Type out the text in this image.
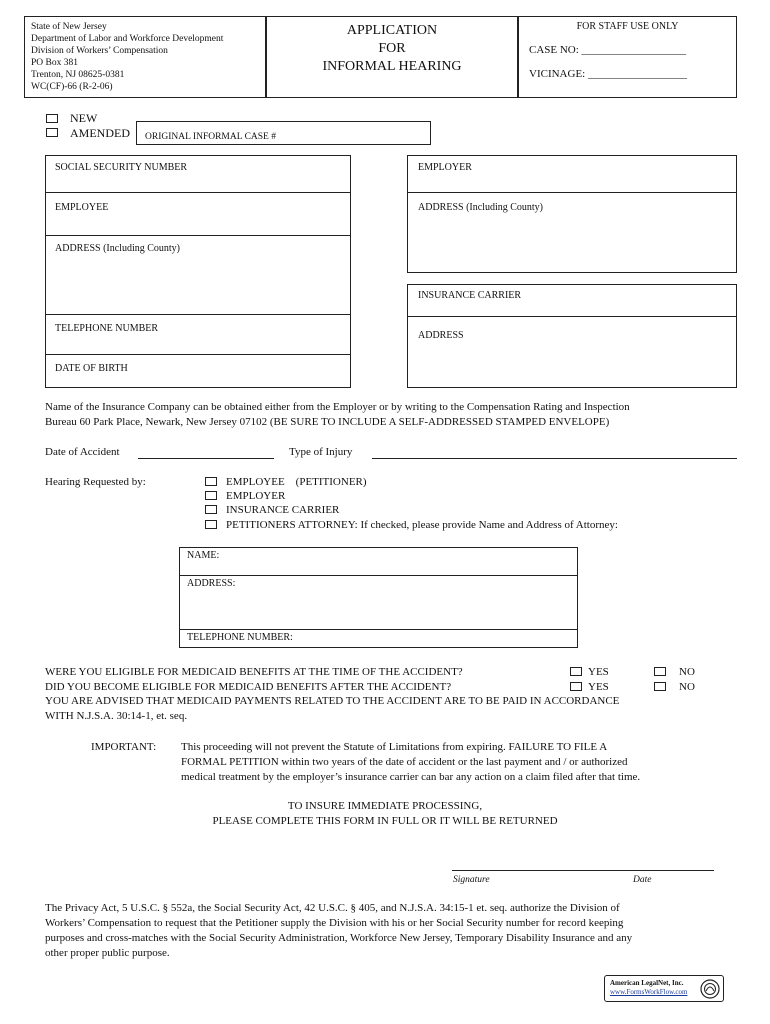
State of New Jersey
Department of Labor and Workforce Development
Division of Workers’ Compensation
PO Box 381
Trenton, NJ 08625-0381
WC(CF)-66 (R-2-06)
APPLICATION
FOR
INFORMAL HEARING
FOR STAFF USE ONLY
CASE NO: ___________________
VICINAGE: __________________
NEW
AMENDED	ORIGINAL INFORMAL CASE #
SOCIAL SECURITY NUMBER
EMPLOYEE
ADDRESS (Including County)
TELEPHONE NUMBER
DATE OF BIRTH
EMPLOYER
ADDRESS (Including County)
INSURANCE CARRIER
ADDRESS
Name of the Insurance Company can be obtained either from the Employer or by writing to the Compensation Rating and Inspection
Bureau 60 Park Place, Newark, New Jersey 07102 (BE SURE TO INCLUDE A SELF-ADDRESSED STAMPED ENVELOPE)
Date of Accident	Type of Injury
Hearing Requested by:	EMPLOYEE    (PETITIONER)
EMPLOYER
INSURANCE CARRIER
PETITIONERS ATTORNEY: If checked, please provide Name and Address of Attorney:
NAME:
ADDRESS:
TELEPHONE NUMBER:
WERE YOU ELIGIBLE FOR MEDICAID BENEFITS AT THE TIME OF THE ACCIDENT?	YES	NO
DID YOU BECOME ELIGIBLE FOR MEDICAID BENEFITS AFTER THE ACCIDENT?	YES	NO
YOU ARE ADVISED THAT MEDICAID PAYMENTS RELATED TO THE ACCIDENT ARE TO BE PAID IN ACCORDANCE
WITH N.J.S.A. 30:14-1, et. seq.
IMPORTANT: This proceeding will not prevent the Statute of Limitations from expiring. FAILURE TO FILE A
FORMAL PETITION within two years of the date of accident or the last payment and / or authorized
medical treatment by the employer’s insurance carrier can bar any action on a claim filed after that time.
TO INSURE IMMEDIATE PROCESSING,
PLEASE COMPLETE THIS FORM IN FULL OR IT WILL BE RETURNED
Signature	Date
The Privacy Act, 5 U.S.C. § 552a, the Social Security Act, 42 U.S.C. § 405, and N.J.S.A. 34:15-1 et. seq. authorize the Division of
Workers’ Compensation to request that the Petitioner supply the Division with his or her Social Security number for record keeping
purposes and cross-matches with the Social Security Administration, Workforce New Jersey, Temporary Disability Insurance and any
other proper public purpose.
American LegalNet, Inc.
www.FormsWorkFlow.com
